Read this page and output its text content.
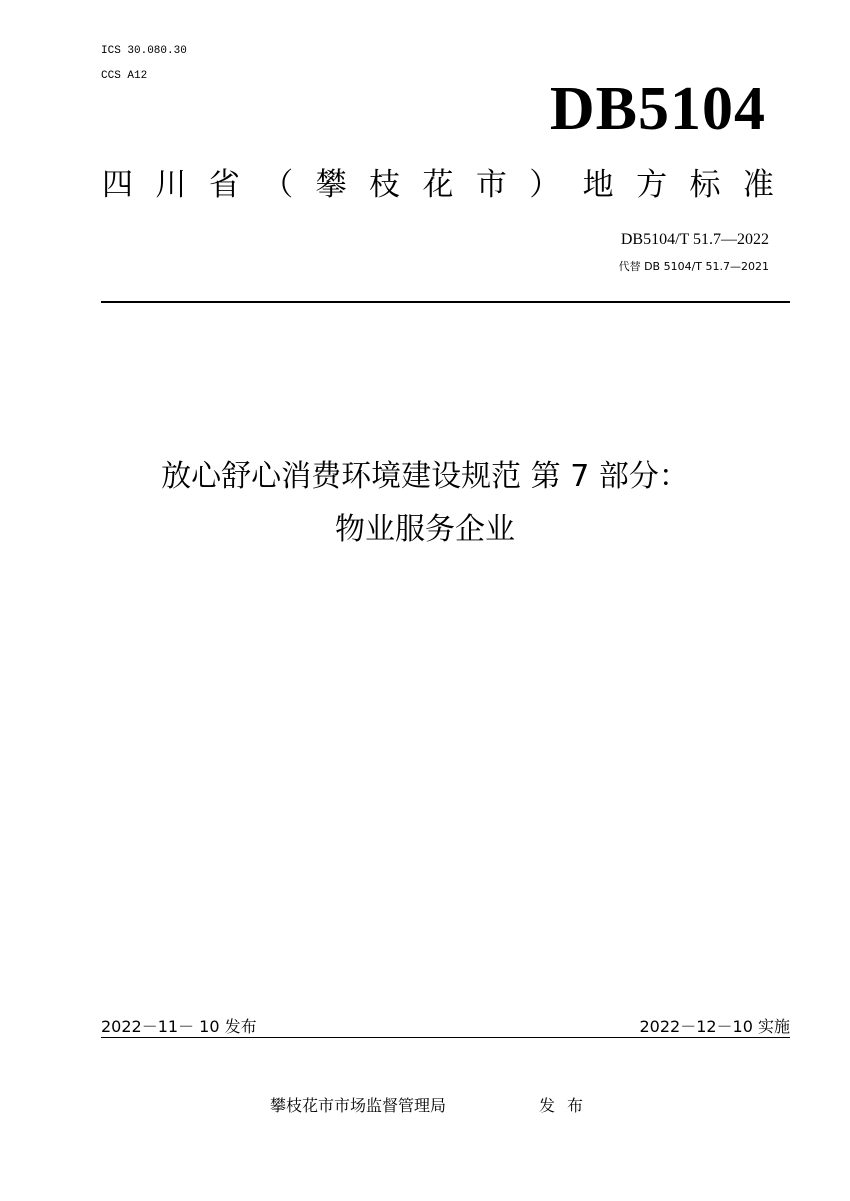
ICS 30.080.30
CCS A12	DB5104
四 川 省 （ 攀 枝 花 市 ） 地 方 标 准
DB5104/T 51.7—2022
代替 DB 5104/T 51.7—2021
放心舒心消费环境建设规范 第 7 部分：
物业服务企业
2022－11－ 10 发布	2022－12－10 实施
攀枝花市市场监督管理局	发布
